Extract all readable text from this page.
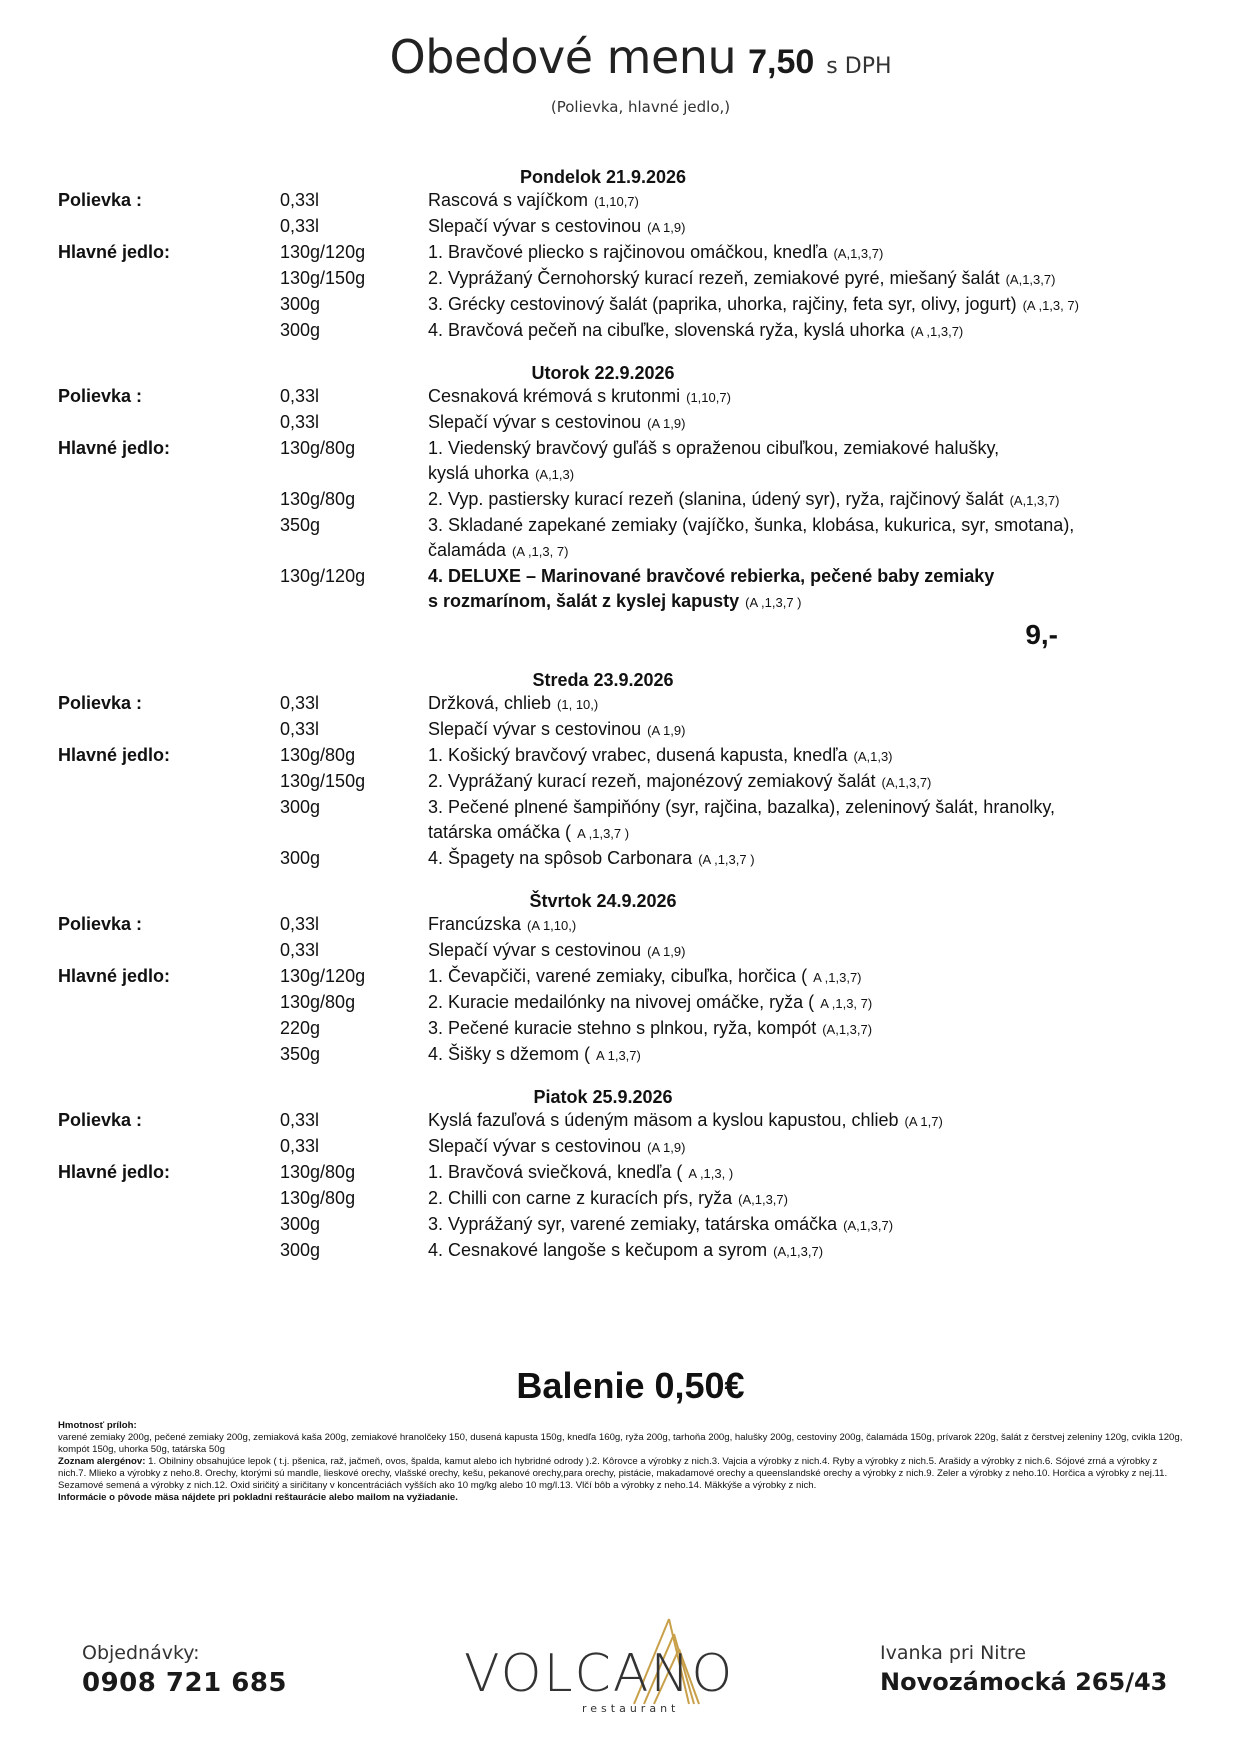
Obedové menu 7,50 s DPH
(Polievka, hlavné jedlo,)
Pondelok 21.9.2026
Polievka :	0,33l	Rascová s vajíčkom (1,10,7)
0,33l	Slepačí vývar s cestovinou (A 1,9)
Hlavné jedlo:	130g/120g	1. Bravčové pliecko s rajčinovou omáčkou, knedľa (A,1,3,7)
130g/150g	2. Vyprážaný Černohorský kurací rezeň, zemiakové pyré, miešaný šalát (A,1,3,7)
300g	3. Grécky cestovinový šalát (paprika, uhorka, rajčiny, feta syr, olivy, jogurt) (A ,1,3, 7)
300g	4. Bravčová pečeň na cibuľke, slovenská ryža, kyslá uhorka (A ,1,3,7)
Utorok 22.9.2026
Polievka :	0,33l	Cesnaková krémová s krutonmi (1,10,7)
0,33l	Slepačí vývar s cestovinou (A 1,9)
Hlavné jedlo:	130g/80g	1. Viedenský bravčový guľáš s opraženou cibuľkou, zemiakové halušky,
kyslá uhorka (A,1,3)
130g/80g	2. Vyp. pastiersky kurací rezeň (slanina, údený syr), ryža, rajčinový šalát (A,1,3,7)
350g	3. Skladané zapekané zemiaky (vajíčko, šunka, klobása, kukurica, syr, smotana),
čalamáda (A ,1,3, 7)
130g/120g	4. DELUXE – Marinované bravčové rebierka, pečené baby zemiaky
s rozmarínom, šalát z kyslej kapusty (A ,1,3,7 )
9,-
Streda 23.9.2026
Polievka :	0,33l	Držková, chlieb (1, 10,)
0,33l	Slepačí vývar s cestovinou (A 1,9)
Hlavné jedlo:	130g/80g	1. Košický bravčový vrabec, dusená kapusta, knedľa (A,1,3)
130g/150g	2. Vyprážaný kurací rezeň, majonézový zemiakový šalát (A,1,3,7)
300g	3. Pečené plnené šampiňóny (syr, rajčina, bazalka), zeleninový šalát, hranolky,
tatárska omáčka ( A ,1,3,7 )
300g	4. Špagety na spôsob Carbonara (A ,1,3,7 )
Štvrtok 24.9.2026
Polievka :	0,33l	Francúzska (A 1,10,)
0,33l	Slepačí vývar s cestovinou (A 1,9)
Hlavné jedlo:	130g/120g	1. Čevapčiči, varené zemiaky, cibuľka, horčica ( A ,1,3,7)
130g/80g	2. Kuracie medailónky na nivovej omáčke, ryža ( A ,1,3, 7)
220g	3. Pečené kuracie stehno s plnkou, ryža, kompót (A,1,3,7)
350g	4. Šišky s džemom ( A 1,3,7)
Piatok 25.9.2026
Polievka :	0,33l	Kyslá fazuľová s údeným mäsom a kyslou kapustou, chlieb (A 1,7)
0,33l	Slepačí vývar s cestovinou (A 1,9)
Hlavné jedlo:	130g/80g	1. Bravčová sviečková, knedľa ( A ,1,3, )
130g/80g	2. Chilli con carne z kuracích pŕs, ryža (A,1,3,7)
300g	3. Vyprážaný syr, varené zemiaky, tatárska omáčka (A,1,3,7)
300g	4. Cesnakové langoše s kečupom a syrom (A,1,3,7)
Balenie 0,50€
Hmotnosť príloh:
varené zemiaky 200g, pečené zemiaky 200g, zemiaková kaša 200g, zemiakové hranolčeky 150, dusená kapusta 150g, knedľa 160g, ryža 200g, tarhoňa 200g, halušky 200g, cestoviny 200g, čalamáda 150g, prívarok 220g, šalát z čerstvej zeleniny 120g, cvikla 120g, kompót 150g, uhorka 50g, tatárska 50g
Zoznam alergénov: 1. Obilniny obsahujúce lepok ( t.j. pšenica, raž, jačmeň, ovos, špalda, kamut alebo ich hybridné odrody ).2. Kôrovce a výrobky z nich.3. Vajcia a výrobky z nich.4. Ryby a výrobky z nich.5. Arašidy a výrobky z nich.6. Sójové zrná a výrobky z nich.7. Mlieko a výrobky z neho.8. Orechy, ktorými sú mandle, lieskové orechy, vlašské orechy, kešu, pekanové orechy,para orechy, pistácie, makadamové orechy a queenslandské orechy a výrobky z nich.9. Zeler a výrobky z neho.10. Horčica a výrobky z nej.11. Sezamové semená a výrobky z nich.12. Oxid siričitý a siričitany v koncentráciách vyšších ako 10 mg/kg alebo 10 mg/l.13. Vlčí bôb a výrobky z neho.14. Mäkkýše a výrobky z nich.
Informácie o pôvode mäsa nájdete pri pokladni reštaurácie alebo mailom na vyžiadanie.
Objednávky:
0908 721 685	VOLCANO
restaurant
Ivanka pri Nitre
Novozámocká 265/43
